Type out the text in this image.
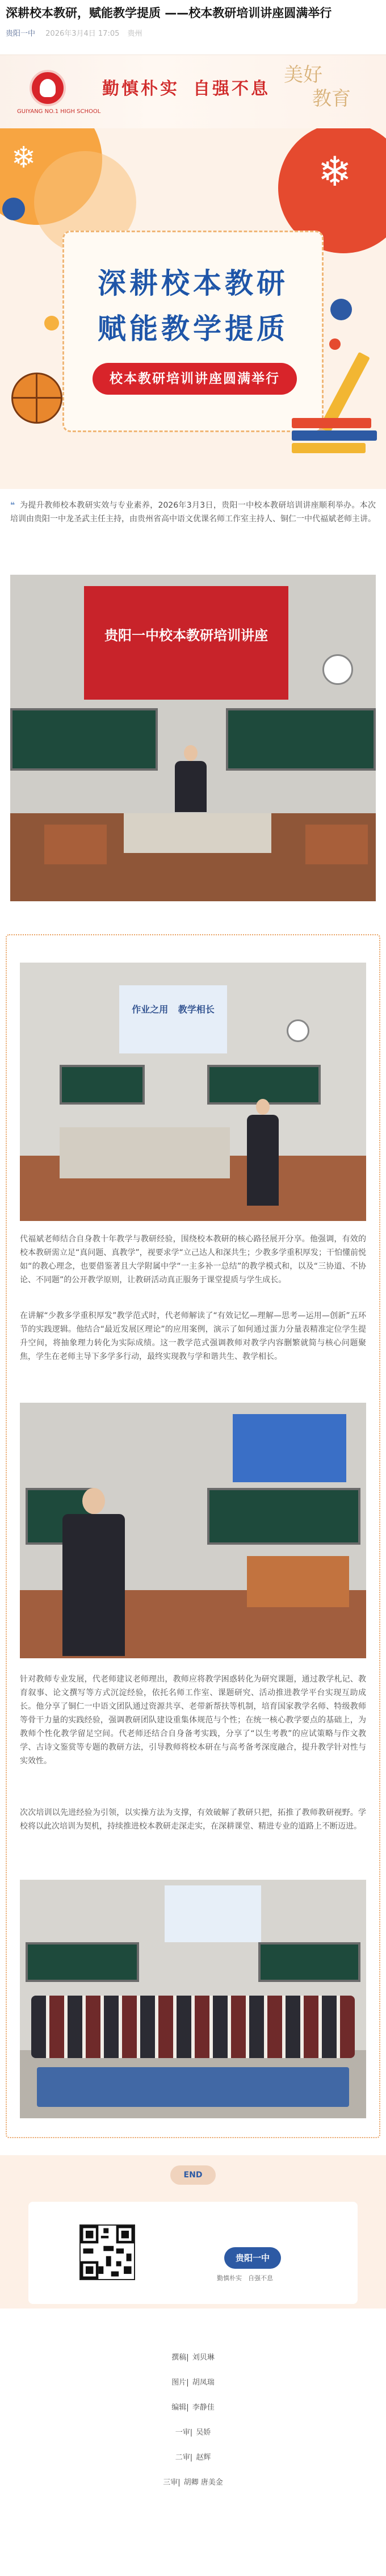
深耕校本教研，赋能教学提质 ——校本教研培训讲座圆满举行
贵阳一中 2026年3月4日 17:05 贵州
GUIYANG NO.1 HIGH SCHOOL
勤慎朴实 自强不息
美好
教育
❄	❄
深耕校本教研
赋能教学提质
校本教研培训讲座圆满举行
❝ 为提升教师校本教研实效与专业素养，2026年3月3日，贵阳一中校本教研培训讲座顺利举办。本次培训由贵阳一中龙圣武主任主持，由贵州省高中语文优课名师工作室主持人、铜仁一中代福斌老师主讲。
贵阳一中校本教研培训讲座
作业之用 教学相长
代福斌老师结合自身教十年教学与教研经验，围绕校本教研的核心路径展开分享。他强调，有效的校本教研需立足“真问题、真教学”，视要求学“立己达人和深共生；少教多学重积厚发；干怕懂前悦如“的教心理念，也要借鉴著且大学附属中学“一主多补一总结”的教学模式和，以及“三协道、不协论、不同题”的公开教学原则，让教研活动真正服务于课堂提质与学生成长。
在讲解“少教多学重积厚发”教学范式时，代老师解读了“有效记忆—理解—思考—运用—创新”五环节的实践逻辑。他结合“最近发展区理论”的应用案例，演示了如何通过蛋力分量表精准定位学生提升空间，将抽象理力转化为实际成绩。这一教学范式强调教师对教学内容删繁就简与核心问题聚焦，学生在老师主导下多学多行动，最终实现教与学和谐共生、教学相长。
针对教师专业发展，代老师建议老师理出，教师应将教学困惑转化为研究课题，通过教学札记、教育叙事、论文撰写等方式沉淀经验，依托名师工作室、课题研究、活动推进教学平台实现互助成长。他分享了铜仁一中语文团队通过资源共享、老带新帮扶等机制，培育国家教学名师、特级教师等骨干力量的实践经验，强调教研团队建设重集体规范与个性；在统一核心教学要点的基础上，为教师个性化教学留足空间。代老师还结合自身备考实践，分享了“以生考教”的应试策略与作文教学、古诗文鉴赏等专题的教研方法，引导教师将校本研在与高考备考深度融合，提升教学针对性与实效性。
次次培训以先进经验为引领，以实操方法为支撑，有效破解了教研只把，拓推了教师教研视野。学校将以此次培训为契机，持续推进校本教研走深走实，在深耕课堂、精进专业的道路上不断迈进。
END
贵阳一中
勤慎朴实　自强不息
撰稿| 刘贝琳
图片| 胡凤瑞
编辑| 李静佳
一审| 吴娇
二审| 赵辉
三审| 胡卿 唐美金
